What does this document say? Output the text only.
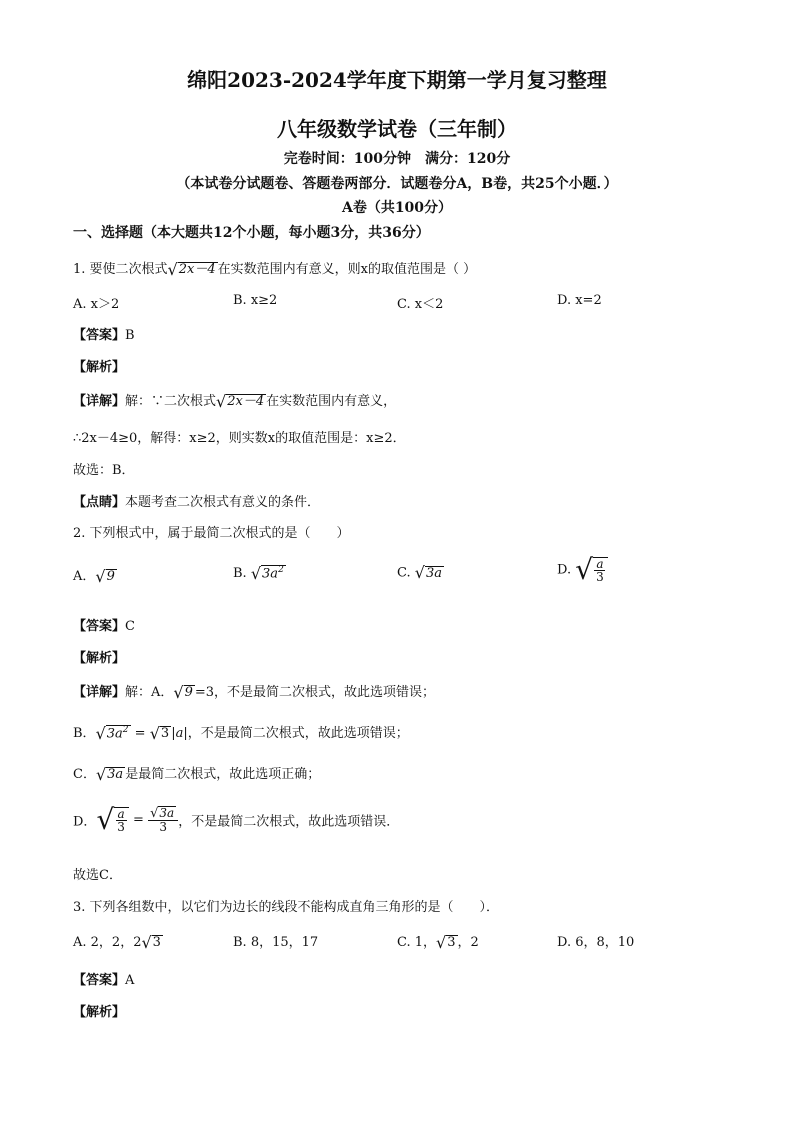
绵阳2023-2024学年度下期第一学月复习整理
八年级数学试卷（三年制）
完卷时间：100分钟　满分：120分
（本试卷分试题卷、答题卷两部分．试题卷分A，B卷，共25个小题．）
A卷（共100分）
一、选择题（本大题共12个小题，每小题3分，共36分）
1. 要使二次根式 √ 2x－4 在实数范围内有意义，则x的取值范围是（ ）
A. x＞2	B. x≥2	C. x＜2	D. x=2
【答案】B
【解析】
【详解】解：∵二次根式 √ 2x－4 在实数范围内有意义，
∴2x－4≥0，解得：x≥2，则实数x的取值范围是：x≥2．
故选：B．
【点睛】本题考查二次根式有意义的条件．
2. 下列根式中，属于最简二次根式的是（　　）
A． √ 9	B. √ $3a^2$	C. √ 3a	D. √ $\frac{a}{3}$
【答案】C
【解析】
【详解】解：A． √ 9 =3，不是最简二次根式，故此选项错误；
B． √ $3a^2$ = √ 3 |a|，不是最简二次根式，故此选项错误；
C． √ 3a 是最简二次根式，故此选项正确；
D． √ $\frac{a}{3} = \frac{√ 3a}{3}$ ，不是最简二次根式，故此选项错误．
故选C．
3. 下列各组数中，以它们为边长的线段不能构成直角三角形的是（　　）．
A. 2，2，2 √ 3	B. 8，15，17	C. 1， √ 3 ，2	D. 6，8，10
【答案】A
【解析】
